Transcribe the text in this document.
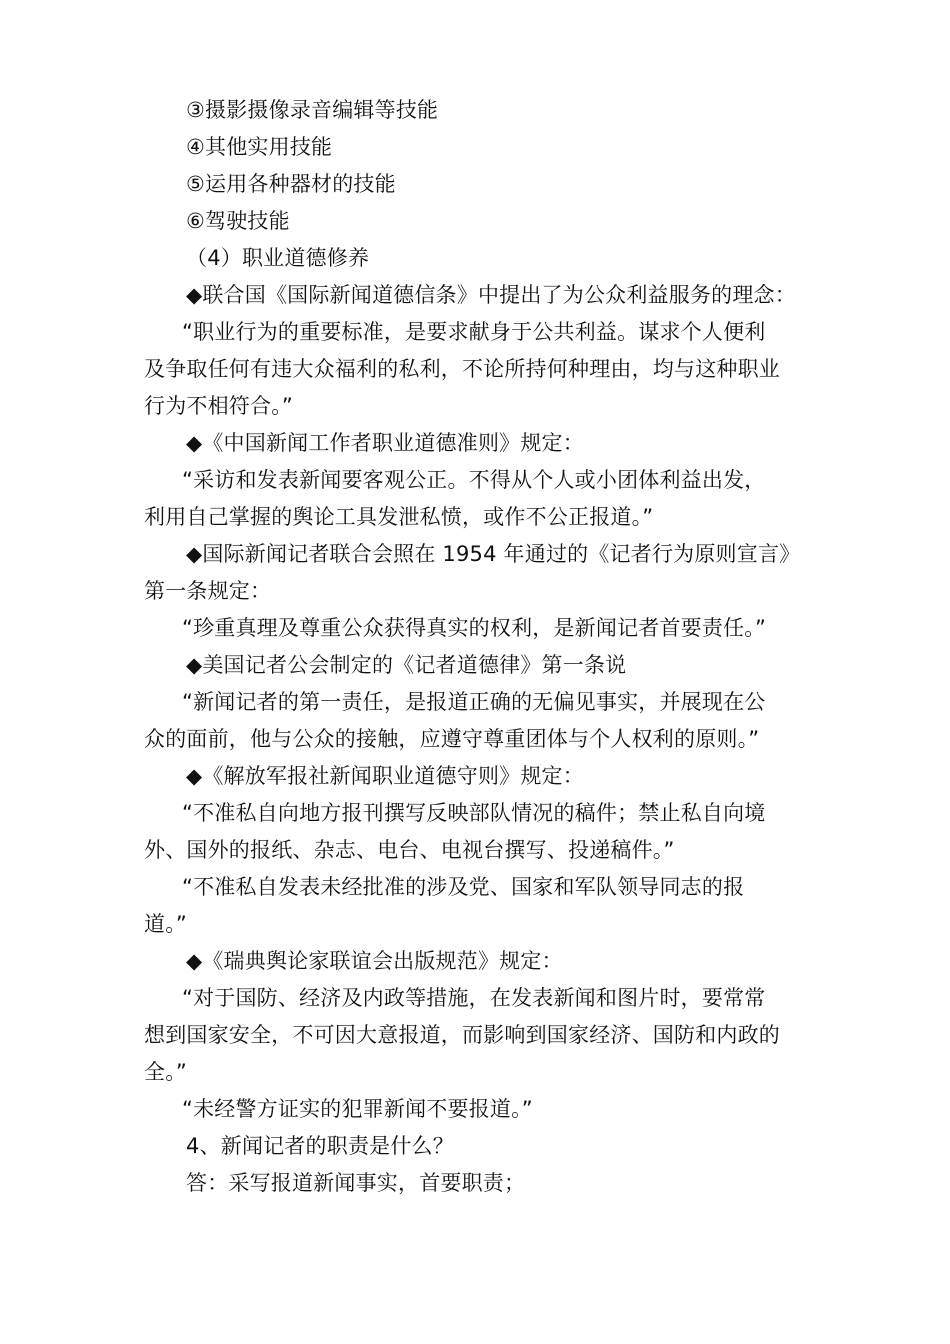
③摄影摄像录音编辑等技能
④其他实用技能
⑤运用各种器材的技能
⑥驾驶技能
（4）职业道德修养
◆联合国《国际新闻道德信条》中提出了为公众利益服务的理念：
“职业行为的重要标准，是要求献身于公共利益。谋求个人便利
及争取任何有违大众福利的私利，不论所持何种理由，均与这种职业
行为不相符合。”
◆《中国新闻工作者职业道德准则》规定：
“采访和发表新闻要客观公正。不得从个人或小团体利益出发，
利用自己掌握的舆论工具发泄私愤，或作不公正报道。”
◆国际新闻记者联合会照在 1954 年通过的《记者行为原则宣言》
第一条规定：
“珍重真理及尊重公众获得真实的权利，是新闻记者首要责任。”
◆美国记者公会制定的《记者道德律》第一条说
“新闻记者的第一责任，是报道正确的无偏见事实，并展现在公
众的面前，他与公众的接触，应遵守尊重团体与个人权利的原则。”
◆《解放军报社新闻职业道德守则》规定：
“不准私自向地方报刊撰写反映部队情况的稿件；禁止私自向境
外、国外的报纸、杂志、电台、电视台撰写、投递稿件。”
“不准私自发表未经批准的涉及党、国家和军队领导同志的报
道。”
◆《瑞典舆论家联谊会出版规范》规定：
“对于国防、经济及内政等措施，在发表新闻和图片时，要常常
想到国家安全，不可因大意报道，而影响到国家经济、国防和内政的
全。”
“未经警方证实的犯罪新闻不要报道。”
4、新闻记者的职责是什么？
答：采写报道新闻事实，首要职责；
